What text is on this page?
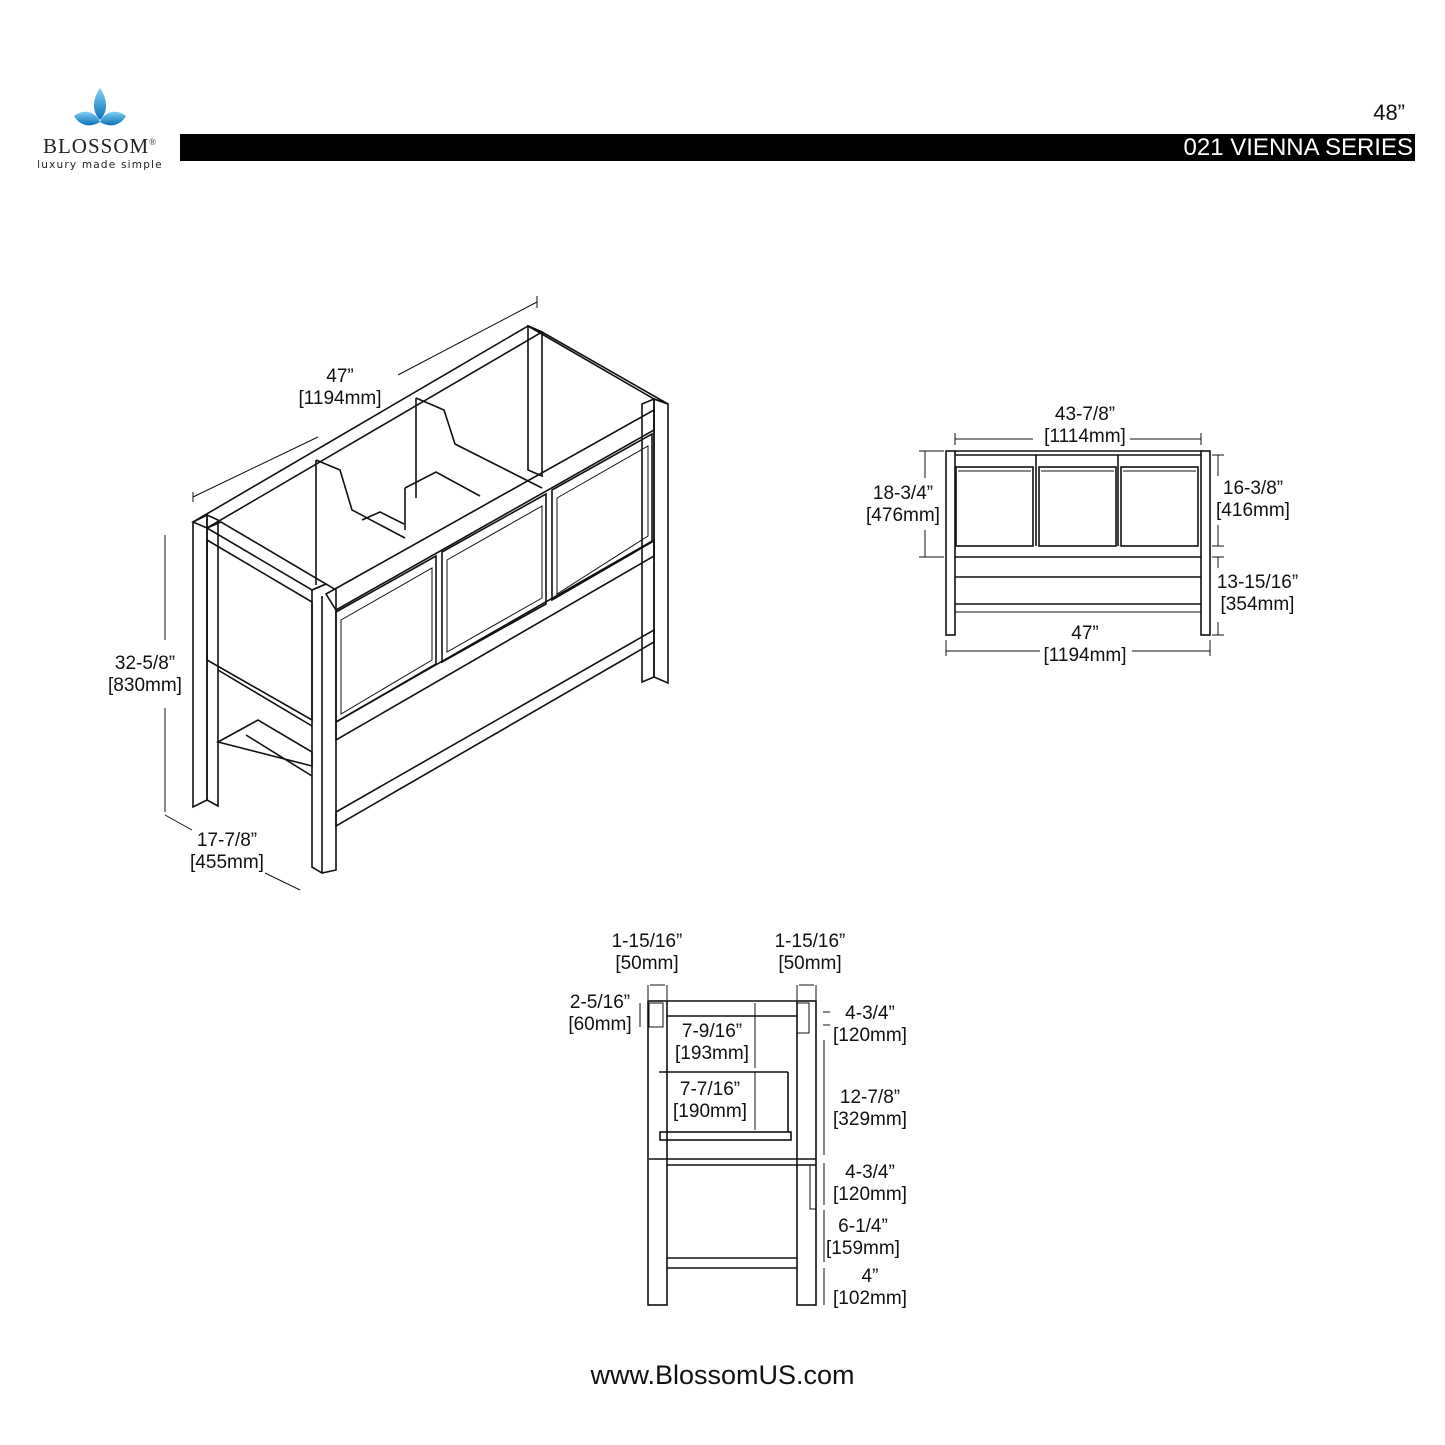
BLOSSOM®
luxury made simple
48”
021 VIENNA SERIES
47”
[1194mm]
32-5/8”
[830mm]
17-7/8”
[455mm]
43-7/8”
[1114mm]
18-3/4”
[476mm]
16-3/8”
[416mm]
13-15/16”
[354mm]
47”
[1194mm]
1-15/16”
[50mm]
1-15/16”
[50mm]
2-5/16”
[60mm]	7-9/16”
[193mm]
7-7/16”
[190mm]
4-3/4”
[120mm]
12-7/8”
[329mm]
4-3/4”
[120mm]
6-1/4”
[159mm]
4”
[102mm]
www.BlossomUS.com
